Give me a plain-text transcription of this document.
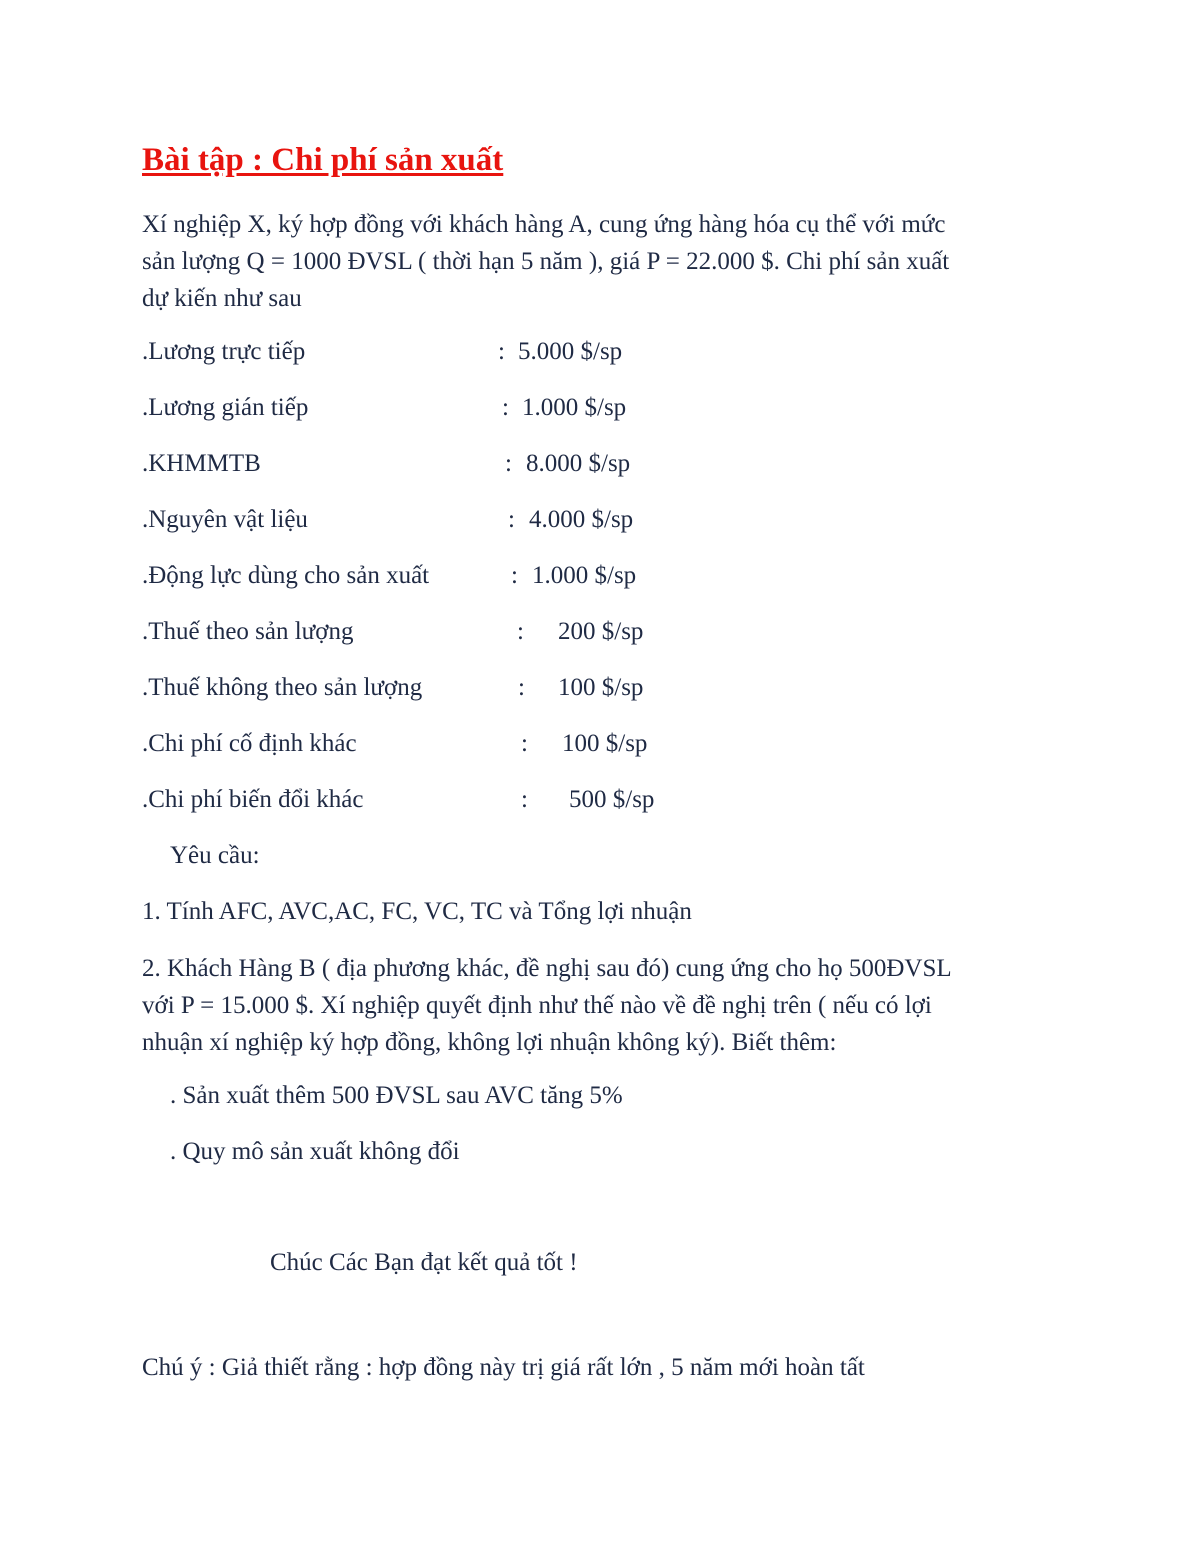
Bài tập : Chi phí sản xuất
Xí nghiệp X, ký hợp đồng với khách hàng A, cung ứng hàng hóa cụ thể với mức
sản lượng Q = 1000 ĐVSL ( thời hạn 5 năm ), giá P = 22.000 $. Chi phí sản xuất
dự kiến như sau
.Lương trực tiếp	: 5.000 $/sp
.Lương gián tiếp	: 1.000 $/sp
.KHMMTB	: 8.000 $/sp
.Nguyên vật liệu	: 4.000 $/sp
.Động lực dùng cho sản xuất	: 1.000 $/sp
.Thuế theo sản lượng	: 200 $/sp
.Thuế không theo sản lượng	: 100 $/sp
.Chi phí cố định khác	: 100 $/sp
.Chi phí biến đổi khác	: 500 $/sp
Yêu cầu:
1. Tính AFC, AVC,AC, FC, VC, TC và Tổng lợi nhuận
2. Khách Hàng B ( địa phương khác, đề nghị sau đó) cung ứng cho họ 500ĐVSL
với P = 15.000 $. Xí nghiệp quyết định như thế nào về đề nghị trên ( nếu có lợi
nhuận xí nghiệp ký hợp đồng, không lợi nhuận không ký). Biết thêm:
. Sản xuất thêm 500 ĐVSL sau AVC tăng 5%
. Quy mô sản xuất không đổi
Chúc Các Bạn đạt kết quả tốt !
Chú ý : Giả thiết rằng : hợp đồng này trị giá rất lớn , 5 năm mới hoàn tất
